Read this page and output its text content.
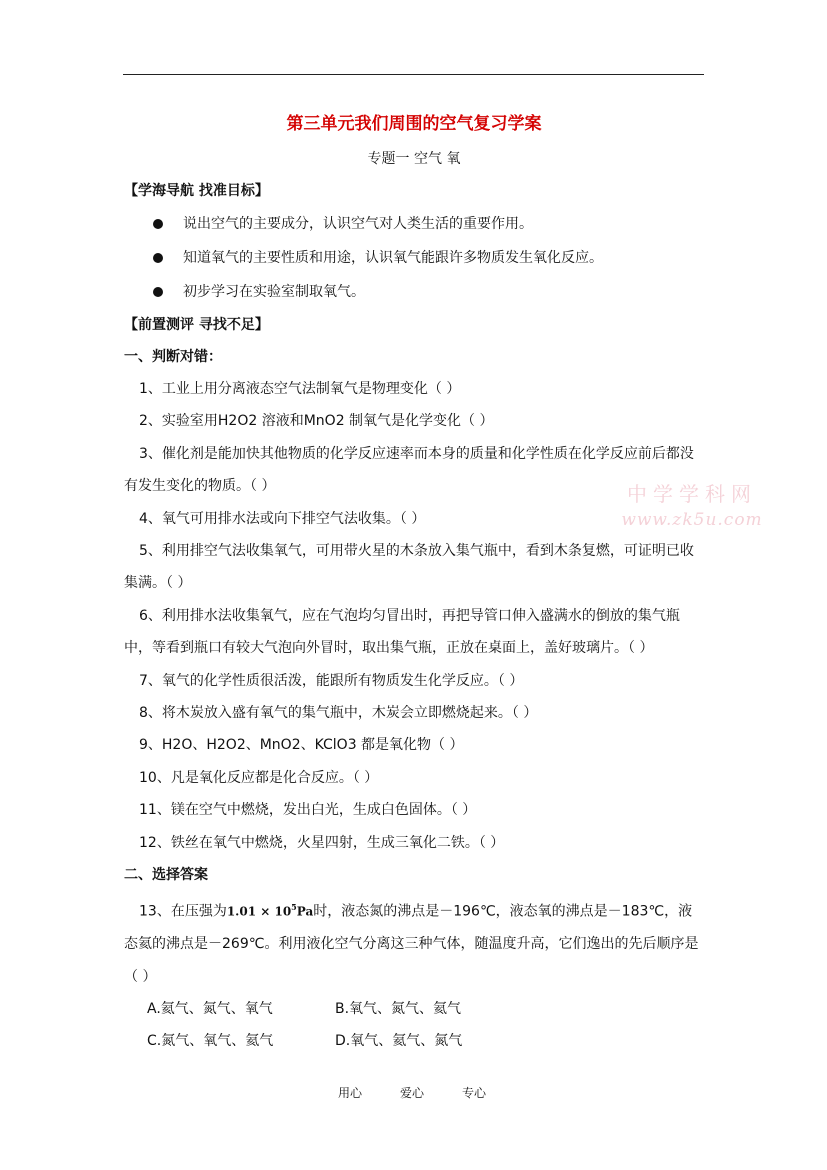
第三单元我们周围的空气复习学案
专题一 空气 氧
【学海导航 找准目标】
说出空气的主要成分，认识空气对人类生活的重要作用。
知道氧气的主要性质和用途，认识氧气能跟许多物质发生氧化反应。
初步学习在实验室制取氧气。
【前置测评 寻找不足】
一、判断对错：
1、工业上用分离液态空气法制氧气是物理变化（ ）
2、实验室用H2O2 溶液和MnO2 制氧气是化学变化（ ）
3、催化剂是能加快其他物质的化学反应速率而本身的质量和化学性质在化学反应前后都没有发生变化的物质。（ ）
4、氧气可用排水法或向下排空气法收集。（ ）
5、利用排空气法收集氧气，可用带火星的木条放入集气瓶中，看到木条复燃，可证明已收集满。（ ）
6、利用排水法收集氧气，应在气泡均匀冒出时，再把导管口伸入盛满水的倒放的集气瓶中，等看到瓶口有较大气泡向外冒时，取出集气瓶，正放在桌面上，盖好玻璃片。（ ）
7、氧气的化学性质很活泼，能跟所有物质发生化学反应。（ ）
8、将木炭放入盛有氧气的集气瓶中，木炭会立即燃烧起来。（ ）
9、H2O、H2O2、MnO2、KClO3 都是氧化物（ ）
10、凡是氧化反应都是化合反应。（ ）
11、镁在空气中燃烧，发出白光，生成白色固体。（ ）
12、铁丝在氧气中燃烧，火星四射，生成三氧化二铁。（ ）
二、选择答案
13、在压强为$1.01 \times 10^5Pa$时，液态氮的沸点是－196℃，液态氧的沸点是－183℃，液态氦的沸点是－269℃。利用液化空气分离这三种气体，随温度升高，它们逸出的先后顺序是（ ）
A.氦气、氮气、氧气	B.氧气、氮气、氦气
C.氮气、氧气、氦气	D.氧气、氦气、氮气
中学学科网
www.zk5u.com
用心	爱心	专心
